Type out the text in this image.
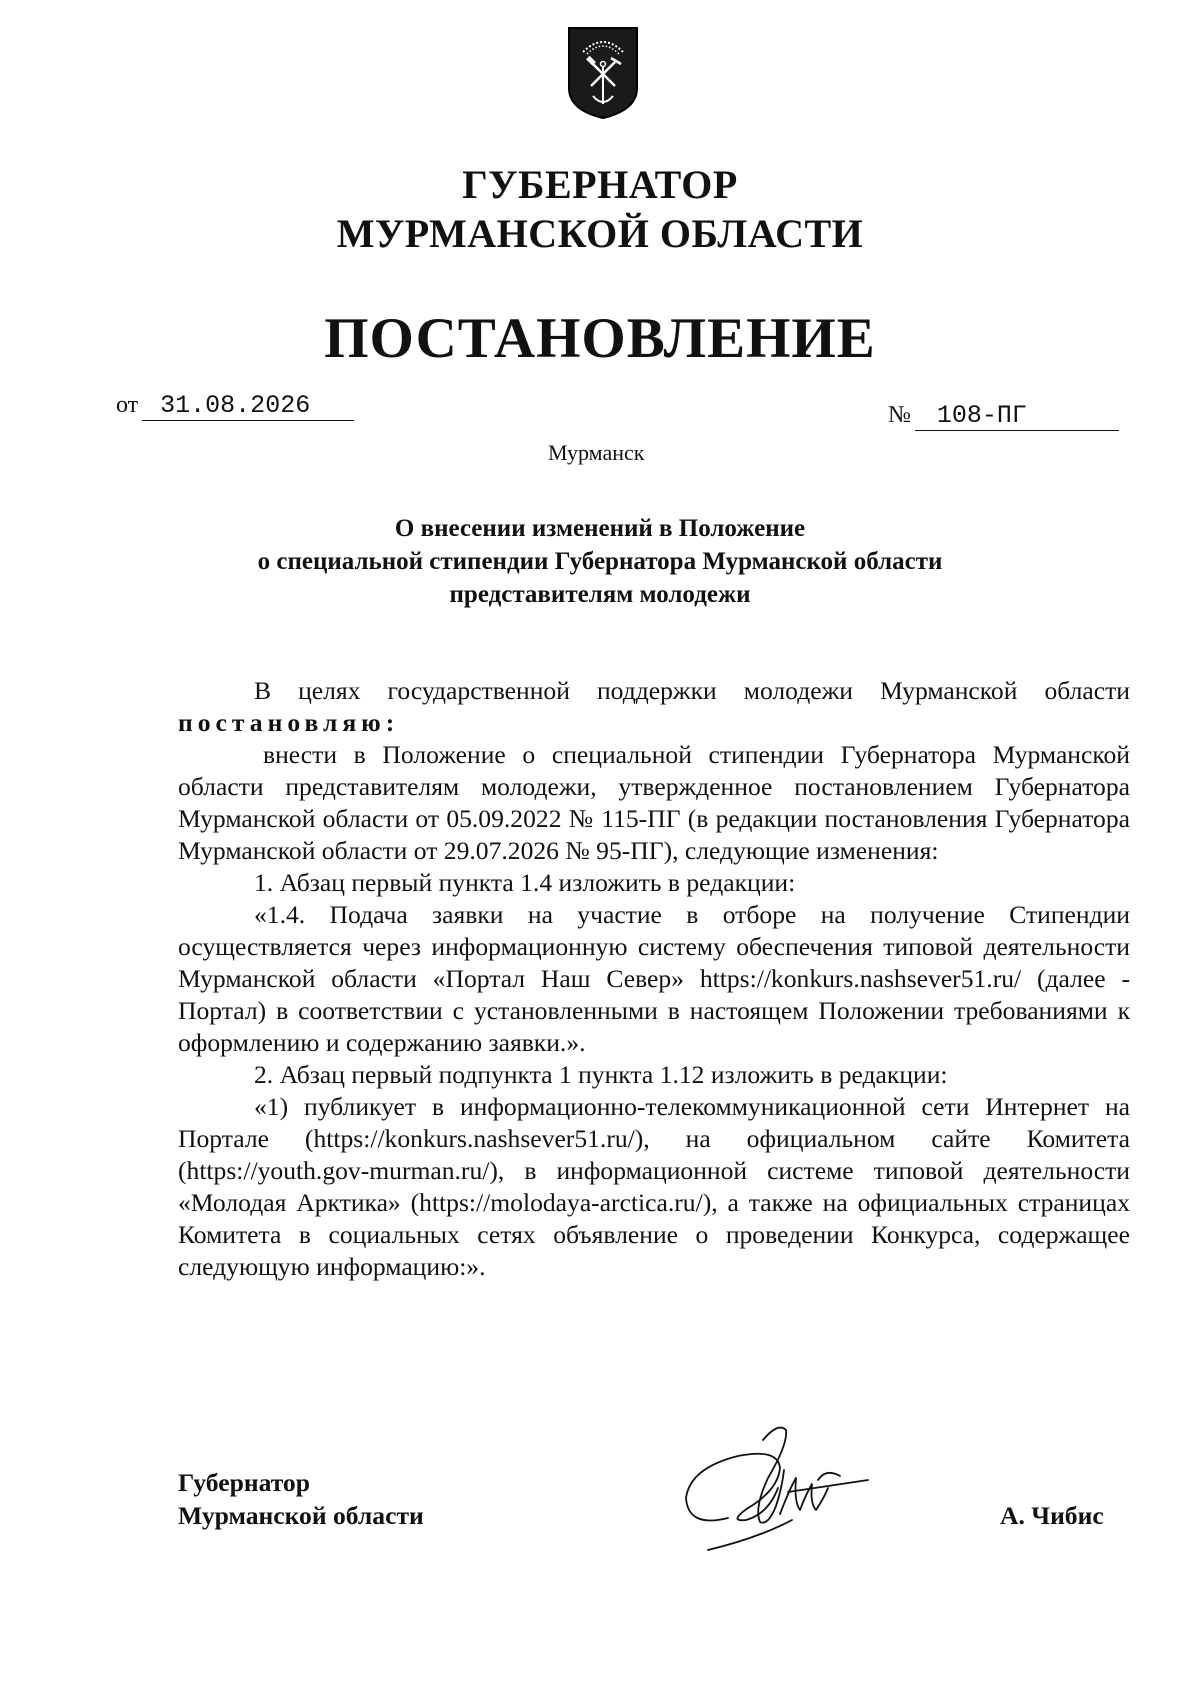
ГУБЕРНАТОР
МУРМАНСКОЙ ОБЛАСТИ
ПОСТАНОВЛЕНИЕ
от 31.08.2026	№ 108-ПГ
Мурманск
О внесении изменений в Положение
о специальной стипендии Губернатора Мурманской области
представителям молодежи

В целях государственной поддержки молодежи Мурманской области постановляю:

внести в Положение о специальной стипендии Губернатора Мурманской области представителям молодежи, утвержденное постановлением Губернатора Мурманской области от 05.09.2022 № 115-ПГ (в редакции постановления Губернатора Мурманской области от 29.07.2026 № 95-ПГ), следующие изменения:

1. Абзац первый пункта 1.4 изложить в редакции:

«1.4. Подача заявки на участие в отборе на получение Стипендии осуществляется через информационную систему обеспечения типовой деятельности Мурманской области «Портал Наш Север» https://konkurs.nashsever51.ru/ (далее - Портал) в соответствии с установленными в настоящем Положении требованиями к оформлению и содержанию заявки.».

2. Абзац первый подпункта 1 пункта 1.12 изложить в редакции:

«1) публикует в информационно-телекоммуникационной сети Интернет на Портале (https://konkurs.nashsever51.ru/), на официальном сайте Комитета (https://youth.gov-murman.ru/), в информационной системе типовой деятельности «Молодая Арктика» (https://molodaya-arctica.ru/), а также на официальных страницах Комитета в социальных сетях объявление о проведении Конкурса, содержащее следующую информацию:».

Губернатор
Мурманской области	А. Чибис
